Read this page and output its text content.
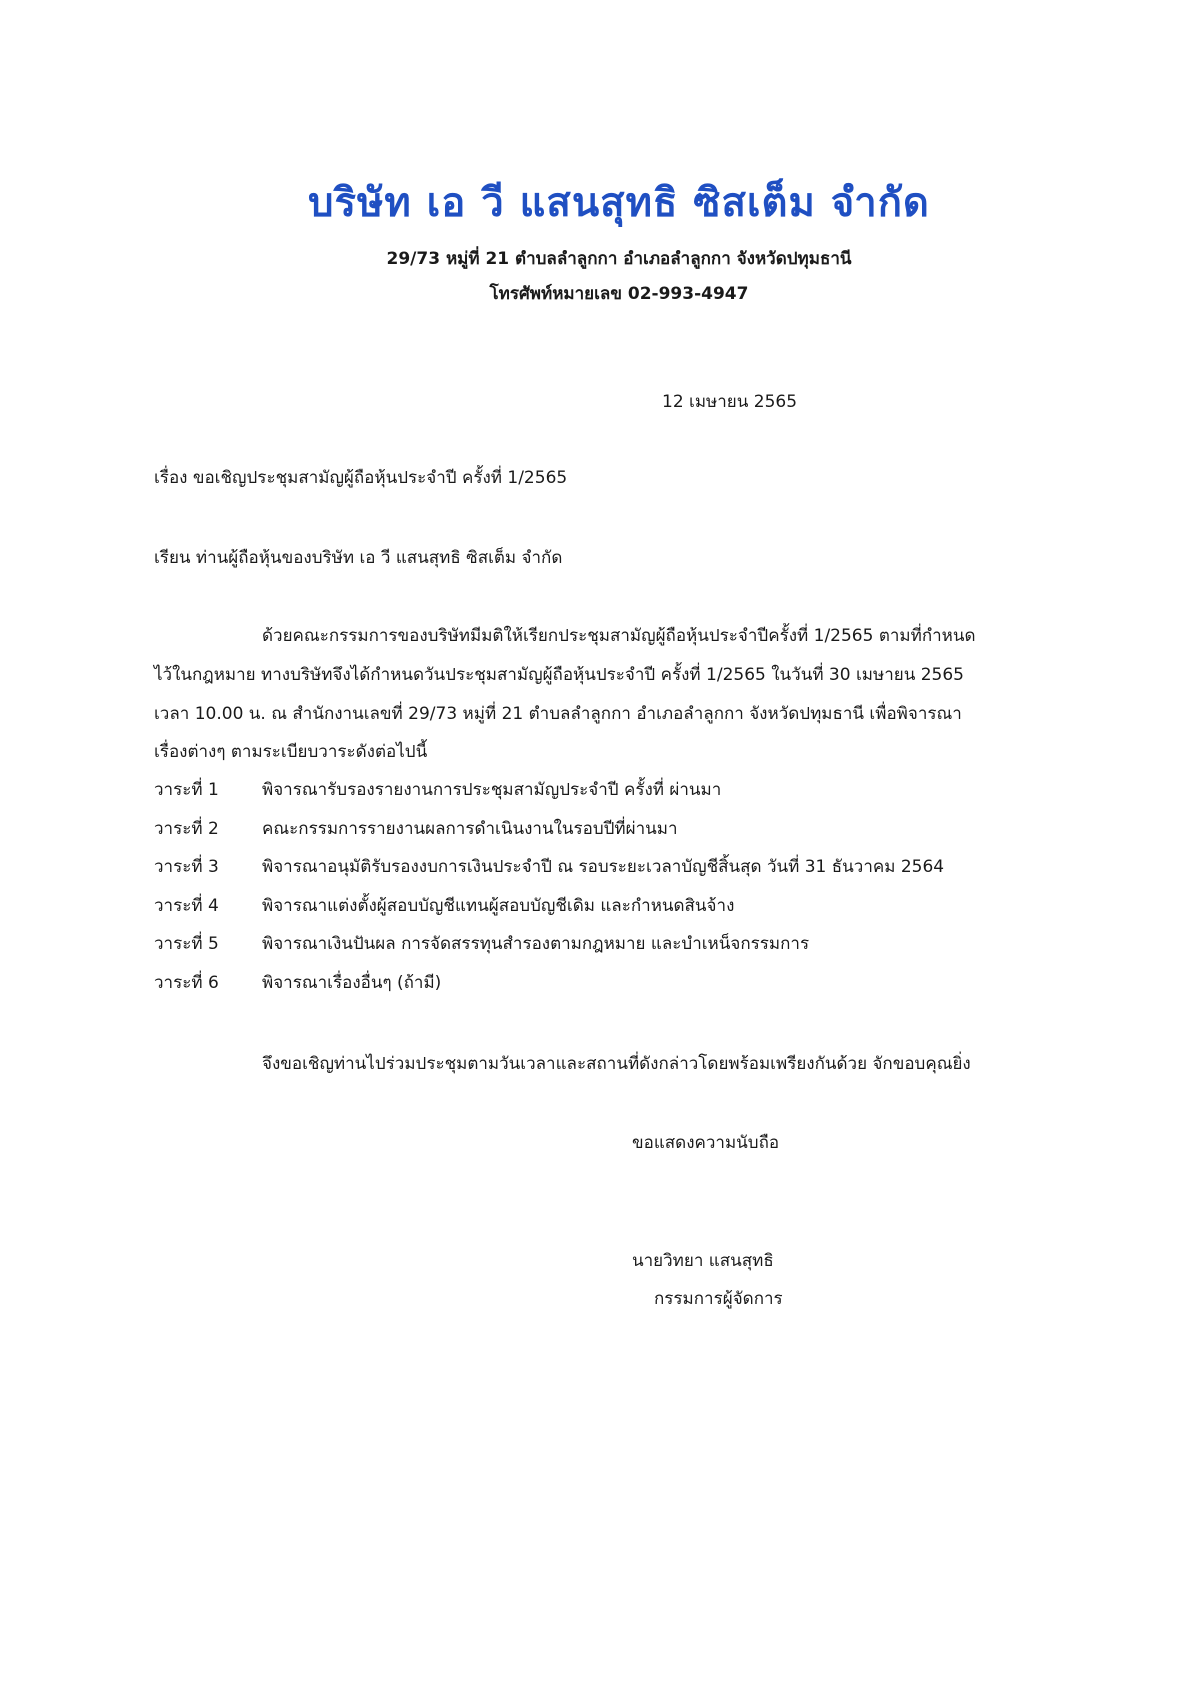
บริษัท เอ วี แสนสุทธิ ซิสเต็ม จำกัด
29/73 หมู่ที่ 21 ตำบลลำลูกกา อำเภอลำลูกกา จังหวัดปทุมธานี
โทรศัพท์หมายเลข 02-993-4947
12 เมษายน 2565
เรื่อง ขอเชิญประชุมสามัญผู้ถือหุ้นประจำปี ครั้งที่ 1/2565
เรียน ท่านผู้ถือหุ้นของบริษัท เอ วี แสนสุทธิ ซิสเต็ม จำกัด
ด้วยคณะกรรมการของบริษัทมีมติให้เรียกประชุมสามัญผู้ถือหุ้นประจำปีครั้งที่ 1/2565 ตามที่กำหนด
ไว้ในกฎหมาย ทางบริษัทจึงได้กำหนดวันประชุมสามัญผู้ถือหุ้นประจำปี ครั้งที่ 1/2565 ในวันที่ 30 เมษายน 2565
เวลา 10.00 น. ณ สำนักงานเลขที่ 29/73 หมู่ที่ 21 ตำบลลำลูกกา อำเภอลำลูกกา จังหวัดปทุมธานี เพื่อพิจารณา
เรื่องต่างๆ ตามระเบียบวาระดังต่อไปนี้
วาระที่ 1	พิจารณารับรองรายงานการประชุมสามัญประจำปี ครั้งที่ ผ่านมา
วาระที่ 2	คณะกรรมการรายงานผลการดำเนินงานในรอบปีที่ผ่านมา
วาระที่ 3	พิจารณาอนุมัติรับรองงบการเงินประจำปี ณ รอบระยะเวลาบัญชีสิ้นสุด วันที่ 31 ธันวาคม 2564
วาระที่ 4	พิจารณาแต่งตั้งผู้สอบบัญชีแทนผู้สอบบัญชีเดิม และกำหนดสินจ้าง
วาระที่ 5	พิจารณาเงินปันผล การจัดสรรทุนสำรองตามกฎหมาย และบำเหน็จกรรมการ
วาระที่ 6	พิจารณาเรื่องอื่นๆ (ถ้ามี)
จึงขอเชิญท่านไปร่วมประชุมตามวันเวลาและสถานที่ดังกล่าวโดยพร้อมเพรียงกันด้วย จักขอบคุณยิ่ง
ขอแสดงความนับถือ
นายวิทยา แสนสุทธิ
กรรมการผู้จัดการ
